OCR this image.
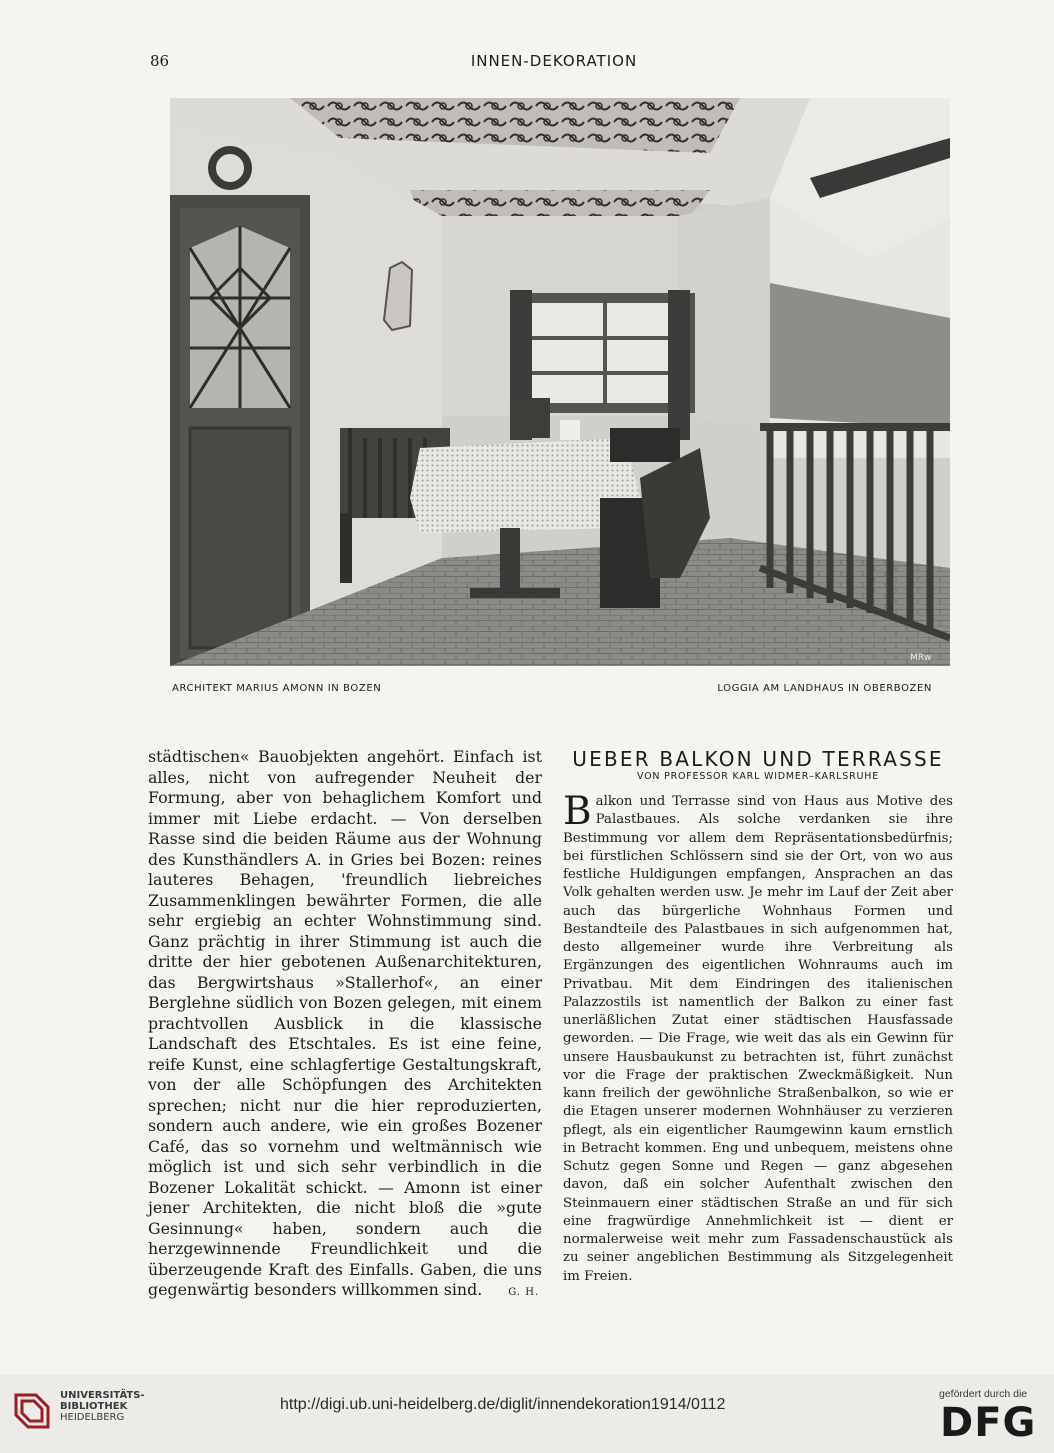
86	INNEN-DEKORATION
MRw
ARCHITEKT MARIUS AMONN IN BOZEN	LOGGIA AM LANDHAUS IN OBERBOZEN

städtischen« Bauobjekten angehört. Einfach ist alles, nicht von aufregender Neuheit der Formung, aber von behaglichem Komfort und immer mit Liebe erdacht. — Von derselben Rasse sind die beiden Räume aus der Wohnung des Kunsthändlers A. in Gries bei Bozen: reines lauteres Behagen, 'freundlich liebreiches Zusammenklingen bewährter Formen, die alle sehr ergiebig an echter Wohnstimmung sind. Ganz prächtig in ihrer Stimmung ist auch die dritte der hier gebotenen Außenarchitekturen, das Bergwirtshaus »Stallerhof«, an einer Berglehne südlich von Bozen gelegen, mit einem prachtvollen Ausblick in die klassische Landschaft des Etschtales. Es ist eine feine, reife Kunst, eine schlagfertige Gestaltungskraft, von der alle Schöpfungen des Architekten sprechen; nicht nur die hier reproduzierten, sondern auch andere, wie ein großes Bozener Café, das so vornehm und weltmännisch wie möglich ist und sich sehr verbindlich in die Bozener Lokalität schickt. — Amonn ist einer jener Architekten, die nicht bloß die »gute Gesinnung« haben, sondern auch die herzgewinnende Freundlichkeit und die überzeugende Kraft des Einfalls. Gaben, die uns gegenwärtig besonders willkommen sind.	G. H.

UEBER BALKON UND TERRASSE
VON PROFESSOR KARL WIDMER–KARLSRUHE

Balkon und Terrasse sind von Haus aus Motive des Palastbaues. Als solche verdanken sie ihre Bestimmung vor allem dem Repräsentationsbedürfnis; bei fürstlichen Schlössern sind sie der Ort, von wo aus festliche Huldigungen empfangen, Ansprachen an das Volk gehalten werden usw. Je mehr im Lauf der Zeit aber auch das bürgerliche Wohnhaus Formen und Bestandteile des Palastbaues in sich aufgenommen hat, desto allgemeiner wurde ihre Verbreitung als Ergänzungen des eigentlichen Wohnraums auch im Privatbau. Mit dem Eindringen des italienischen Palazzostils ist namentlich der Balkon zu einer fast unerläßlichen Zutat einer städtischen Hausfassade geworden. — Die Frage, wie weit das als ein Gewinn für unsere Hausbaukunst zu betrachten ist, führt zunächst vor die Frage der praktischen Zweckmäßigkeit. Nun kann freilich der gewöhnliche Straßenbalkon, so wie er die Etagen unserer modernen Wohnhäuser zu verzieren pflegt, als ein eigentlicher Raumgewinn kaum ernstlich in Betracht kommen. Eng und unbequem, meistens ohne Schutz gegen Sonne und Regen — ganz abgesehen davon, daß ein solcher Aufenthalt zwischen den Steinmauern einer städtischen Straße an und für sich eine fragwürdige Annehmlichkeit ist — dient er normalerweise weit mehr zum Fassadenschaustück als zu seiner angeblichen Bestimmung als Sitzgelegenheit im Freien.

UNIVERSITÄTS-
BIBLIOTHEK
HEIDELBERG
http://digi.ub.uni-heidelberg.de/diglit/innendekoration1914/0112
gefördert durch die
DFG
